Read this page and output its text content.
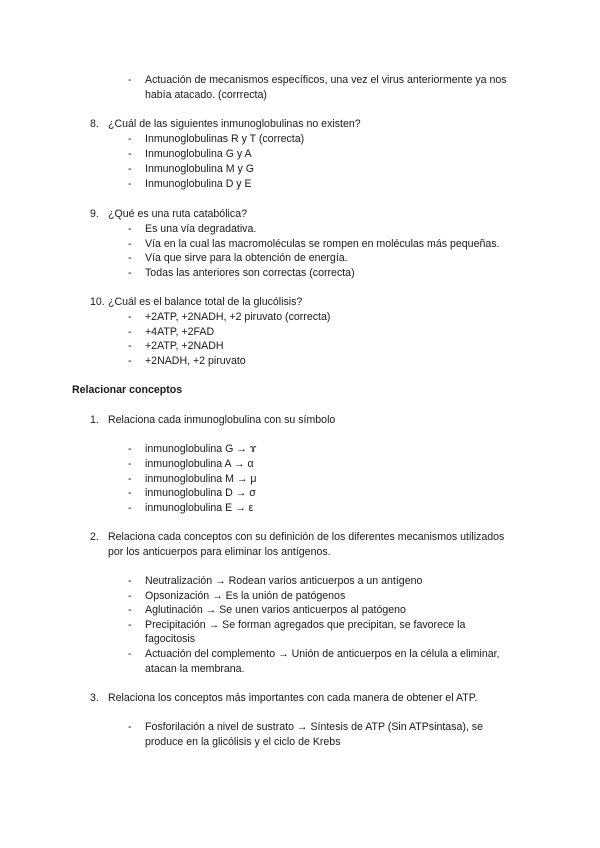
- Actuación de mecanismos específicos, una vez el virus anteriormente ya nos
había atacado. (corrrecta)
8. ¿Cuál de las siguientes inmunoglobulinas no existen?
- Inmunoglobulinas R y T (correcta)
- Inmunoglobulina G y A
- Inmunoglobulina M y G
- Inmunoglobulina D y E
9. ¿Qué es una ruta catabólica?
- Es una vía degradativa.
- Vía en la cual las macromoléculas se rompen en moléculas más pequeñas.
- Vía que sirve para la obtención de energía.
- Todas las anteriores son correctas (correcta)
10. ¿Cuál es el balance total de la glucólisis?
- +2ATP, +2NADH, +2 piruvato (correcta)
- +4ATP, +2FAD
- +2ATP, +2NADH
- +2NADH, +2 piruvato
Relacionar conceptos
1. Relaciona cada inmunoglobulina con su símbolo
- inmunoglobulina G → ɤ
- inmunoglobulina A → α
- inmunoglobulina M → μ
- inmunoglobulina D → σ
- inmunoglobulina E → ε
2. Relaciona cada conceptos con su definición de los diferentes mecanismos utilizados
por los anticuerpos para eliminar los antígenos.
- Neutralización → Rodean varios anticuerpos a un antígeno
- Opsonización → Es la unión de patógenos
- Aglutinación → Se unen varios anticuerpos al patógeno
- Precipitación → Se forman agregados que precipitan, se favorece la
fagocitosis
- Actuación del complemento → Unión de anticuerpos en la célula a eliminar,
atacan la membrana.
3. Relaciona los conceptos más importantes con cada manera de obtener el ATP.
- Fosforilación a nivel de sustrato → Síntesis de ATP (Sin ATPsintasa), se
produce en la glicólisis y el ciclo de Krebs
